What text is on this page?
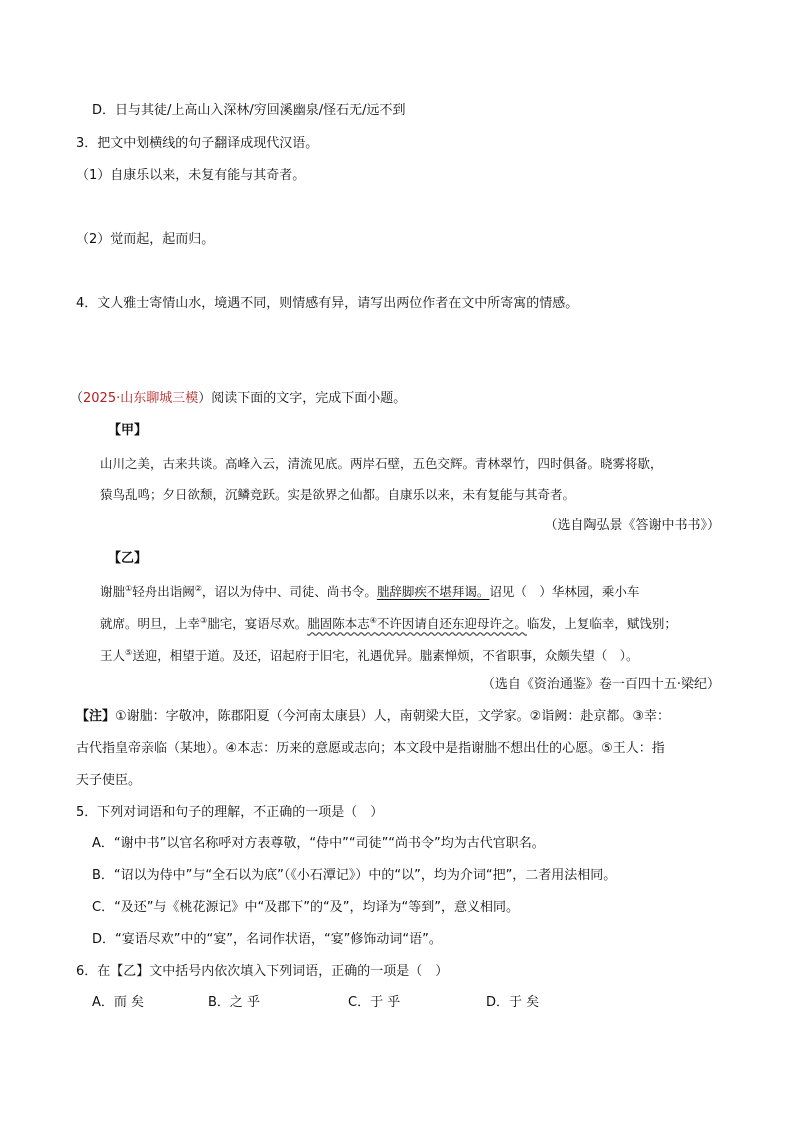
D．日与其徒/上高山入深林/穷回溪幽泉/怪石无/远不到
3．把文中划横线的句子翻译成现代汉语。
（1）自康乐以来，未复有能与其奇者。
（2）觉而起，起而归。
4．文人雅士寄情山水，境遇不同，则情感有异，请写出两位作者在文中所寄寓的情感。
（2025·山东聊城三模）阅读下面的文字，完成下面小题。
【甲】
山川之美，古来共谈。高峰入云，清流见底。两岸石壁，五色交辉。青林翠竹，四时俱备。晓雾将歇，
猿鸟乱鸣；夕日欲颓，沉鳞竞跃。实是欲界之仙都。自康乐以来，未有复能与其奇者。
（选自陶弘景《答谢中书书》）
【乙】
谢朏①轻舟出诣阙②，诏以为侍中、司徒、尚书令。朏辞脚疾不堪拜谒。诏见（　）华林园，乘小车
就席。明旦，上幸③朏宅，宴语尽欢。朏固陈本志④不许因请自还东迎母许之。临发，上复临幸，赋饯别；
王人⑤送迎，相望于道。及还，诏起府于旧宅，礼遇优异。朏素惮烦，不省职事，众颇失望（　）。
（选自《资治通鉴》卷一百四十五·梁纪）
【注】①谢朏：字敬冲，陈郡阳夏（今河南太康县）人，南朝梁大臣，文学家。②诣阙：赴京都。③幸：
古代指皇帝亲临（某地）。④本志：历来的意愿或志向；本文段中是指谢朏不想出仕的心愿。⑤王人：指
天子使臣。
5．下列对词语和句子的理解，不正确的一项是（　）
A．“谢中书”以官名称呼对方表尊敬，“侍中”“司徒”“尚书令”均为古代官职名。
B．“诏以为侍中”与“全石以为底”（《小石潭记》）中的“以”，均为介词“把”，二者用法相同。
C．“及还”与《桃花源记》中“及郡下”的“及”，均译为“等到”，意义相同。
D．“宴语尽欢”中的“宴”，名词作状语，“宴”修饰动词“语”。
6．在【乙】文中括号内依次填入下列词语，正确的一项是（　）
A．而 矣	B．之 乎	C．于 乎	D．于 矣
